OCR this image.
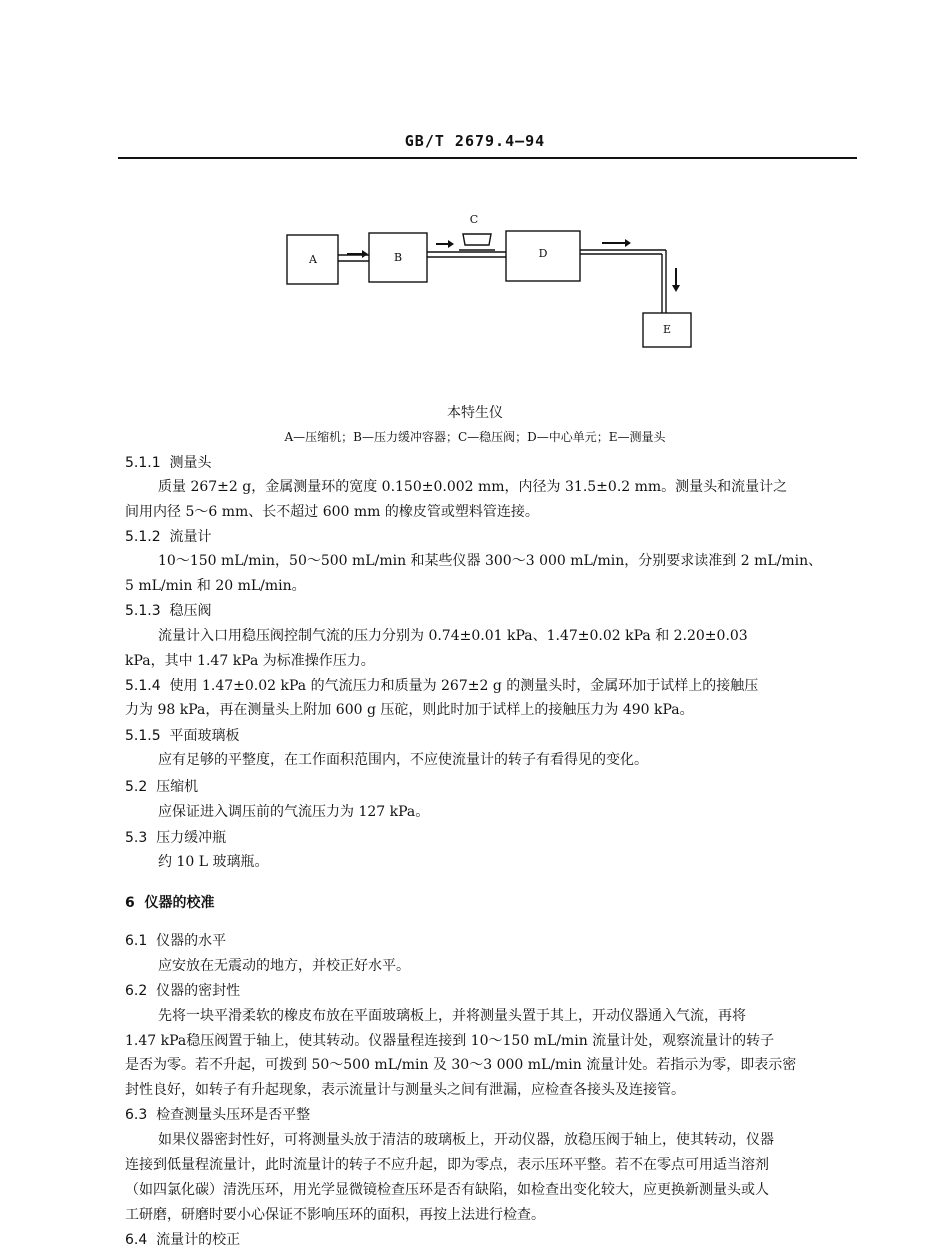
GB/T 2679.4—94
A	B
C
D
E
本特生仪
A—压缩机；B—压力缓冲容器；C—稳压阀；D—中心单元；E—测量头
5.1.1 测量头
质量 267±2 g，金属测量环的宽度 0.150±0.002 mm，内径为 31.5±0.2 mm。测量头和流量计之
间用内径 5～6 mm、长不超过 600 mm 的橡皮管或塑料管连接。
5.1.2 流量计
10～150 mL/min，50～500 mL/min 和某些仪器 300～3 000 mL/min，分别要求读准到 2 mL/min、
5 mL/min 和 20 mL/min。
5.1.3 稳压阀
流量计入口用稳压阀控制气流的压力分别为 0.74±0.01 kPa、1.47±0.02 kPa 和 2.20±0.03
kPa，其中 1.47 kPa 为标准操作压力。
5.1.4 使用 1.47±0.02 kPa 的气流压力和质量为 267±2 g 的测量头时，金属环加于试样上的接触压
力为 98 kPa，再在测量头上附加 600 g 压砣，则此时加于试样上的接触压力为 490 kPa。
5.1.5 平面玻璃板
应有足够的平整度，在工作面积范围内，不应使流量计的转子有看得见的变化。
5.2 压缩机
应保证进入调压前的气流压力为 127 kPa。
5.3 压力缓冲瓶
约 10 L 玻璃瓶。
6 仪器的校准
6.1 仪器的水平
应安放在无震动的地方，并校正好水平。
6.2 仪器的密封性
先将一块平滑柔软的橡皮布放在平面玻璃板上，并将测量头置于其上，开动仪器通入气流，再将
1.47 kPa稳压阀置于轴上，使其转动。仪器量程连接到 10～150 mL/min 流量计处，观察流量计的转子
是否为零。若不升起，可拨到 50～500 mL/min 及 30～3 000 mL/min 流量计处。若指示为零，即表示密
封性良好，如转子有升起现象，表示流量计与测量头之间有泄漏，应检查各接头及连接管。
6.3 检查测量头压环是否平整
如果仪器密封性好，可将测量头放于清洁的玻璃板上，开动仪器，放稳压阀于轴上，使其转动，仪器
连接到低量程流量计，此时流量计的转子不应升起，即为零点，表示压环平整。若不在零点可用适当溶剂
（如四氯化碳）清洗压环，用光学显微镜检查压环是否有缺陷，如检查出变化较大，应更换新测量头或人
工研磨，研磨时要小心保证不影响压环的面积，再按上法进行检查。
6.4 流量计的校正
